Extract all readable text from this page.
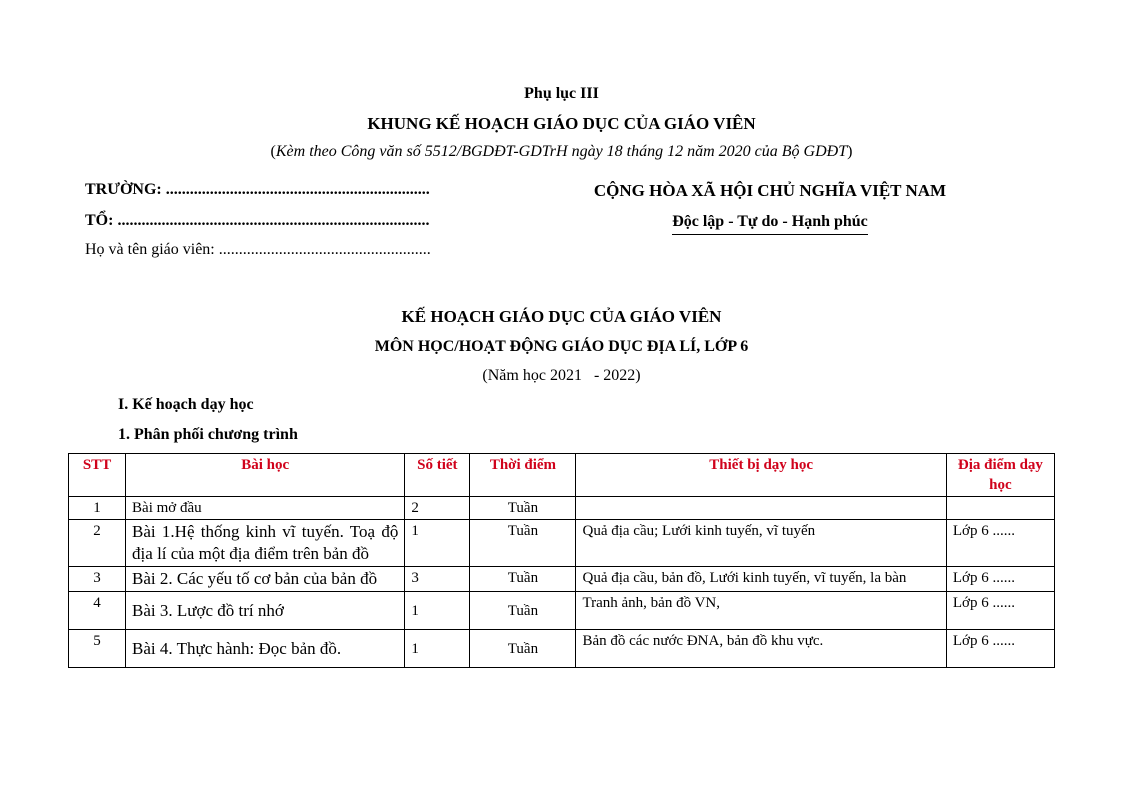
Phụ lục III
KHUNG KẾ HOẠCH GIÁO DỤC CỦA GIÁO VIÊN
(Kèm theo Công văn số 5512/BGDĐT-GDTrH ngày 18 tháng 12 năm 2020 của Bộ GDĐT)
TRƯỜNG: ..................................................................
TỔ: ..............................................................................
Họ và tên giáo viên: .....................................................
CỘNG HÒA XÃ HỘI CHỦ NGHĨA VIỆT NAM
Độc lập - Tự do - Hạnh phúc
KẾ HOẠCH GIÁO DỤC CỦA GIÁO VIÊN
MÔN HỌC/HOẠT ĐỘNG GIÁO DỤC ĐỊA LÍ, LỚP 6
(Năm học 2021   - 2022)
I. Kế hoạch dạy học
1. Phân phối chương trình
STT	Bài học	Số tiết	Thời điểm	Thiết bị dạy học	Địa điểm dạy học
1	Bài mở đầu	2	Tuần		
2	Bài 1.Hệ thống kinh vĩ tuyến. Toạ độ địa lí của một địa điểm trên bản đồ	1	Tuần	Quả địa cầu; Lưới kinh tuyến, vĩ tuyến	Lớp 6 ......
3	Bài 2. Các yếu tố cơ bản của bản đồ	3	Tuần	Quả địa cầu, bản đồ, Lưới kinh tuyến, vĩ tuyến, la bàn	Lớp 6 ......
4	Bài 3. Lược đồ trí nhớ	1	Tuần	Tranh ảnh, bản đồ VN,	Lớp 6 ......
5	Bài 4. Thực hành: Đọc bản đồ.	1	Tuần	Bản đồ các nước ĐNA, bản đồ khu vực.	Lớp 6 ......
